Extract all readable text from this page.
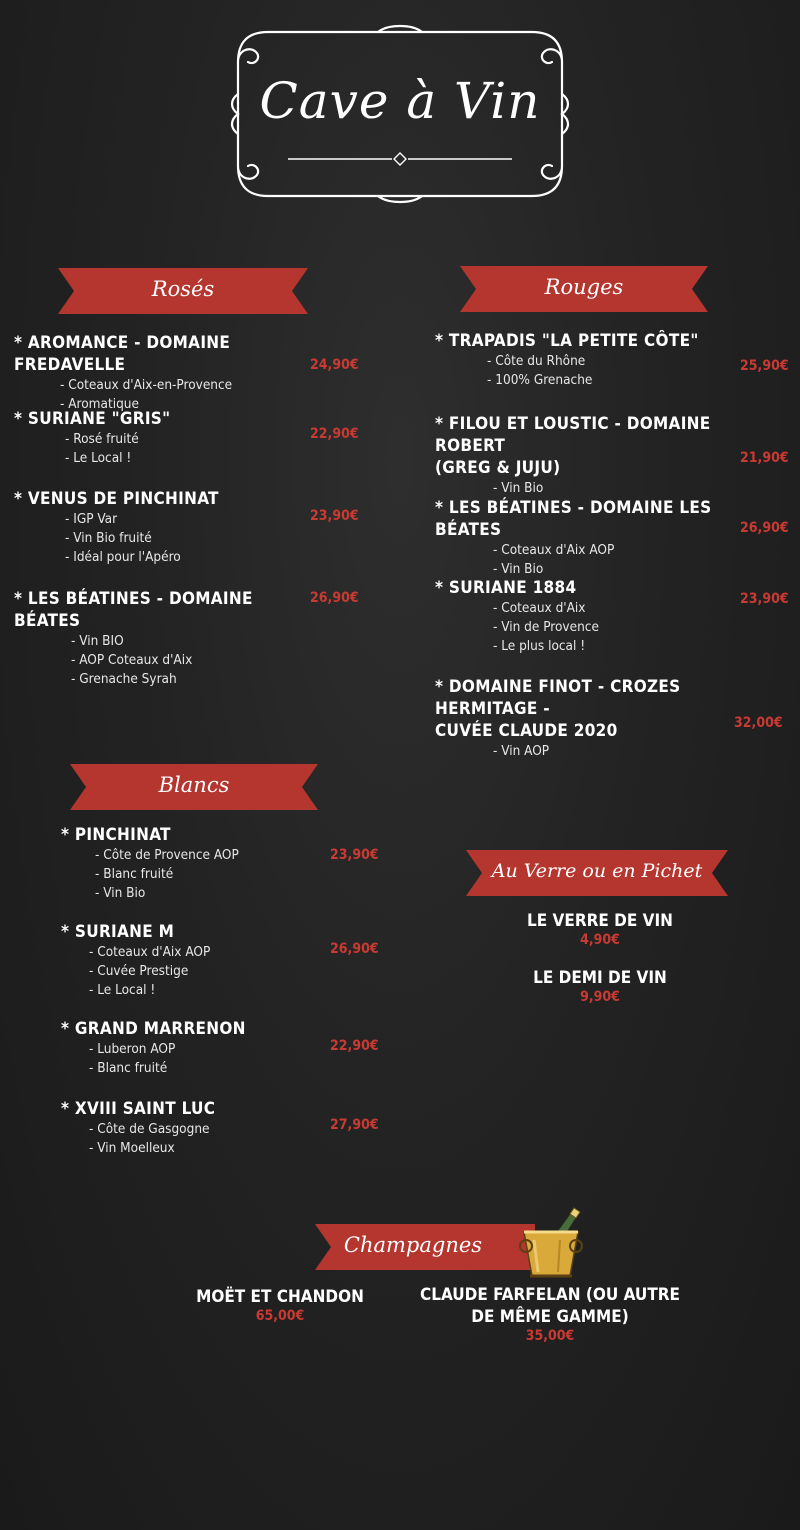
Cave à Vin
Rosés
* AROMANCE - DOMAINE FREDAVELLE
- Coteaux d'Aix-en-Provence
- Aromatique
24,90€
* SURIANE "GRIS"
- Rosé fruité
- Le Local !
22,90€
* VENUS DE PINCHINAT
- IGP Var
- Vin Bio fruité
- Idéal pour l'Apéro
23,90€
* LES BÉATINES - DOMAINE BÉATES
- Vin BIO
- AOP Coteaux d'Aix
- Grenache Syrah
26,90€
Rouges
* TRAPADIS "LA PETITE CÔTE"
- Côte du Rhône
- 100% Grenache
25,90€
* FILOU ET LOUSTIC - DOMAINE ROBERT
(GREG & JUJU)
- Vin Bio
21,90€
* LES BÉATINES - DOMAINE LES BÉATES
- Coteaux d'Aix AOP
- Vin Bio
26,90€
* SURIANE 1884
- Coteaux d'Aix
- Vin de Provence
- Le plus local !
23,90€
* DOMAINE FINOT - CROZES HERMITAGE -
CUVÉE CLAUDE 2020
- Vin AOP
32,00€
Blancs
* PINCHINAT
- Côte de Provence AOP
- Blanc fruité
- Vin Bio
23,90€
* SURIANE M
- Coteaux d'Aix AOP
- Cuvée Prestige
- Le Local !
26,90€
* GRAND MARRENON
- Luberon AOP
- Blanc fruité
22,90€
* XVIII SAINT LUC
- Côte de Gasgogne
- Vin Moelleux
27,90€
Au Verre ou en Pichet
LE VERRE DE VIN
4,90€
LE DEMI DE VIN
9,90€
Champagnes
MOËT ET CHANDON
65,00€
CLAUDE FARFELAN (OU AUTRE
DE MÊME GAMME)
35,00€
